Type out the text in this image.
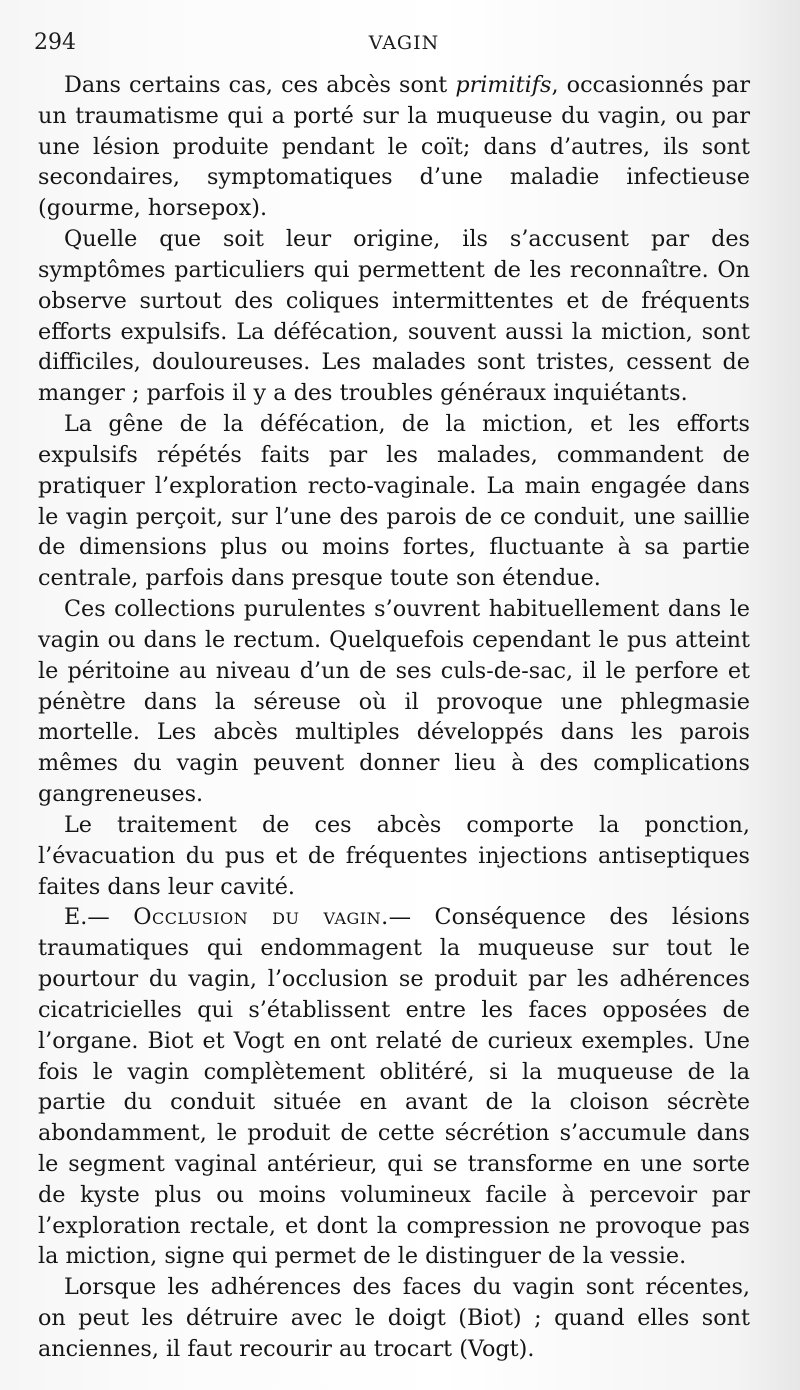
294	VAGIN

Dans certains cas, ces abcès sont primitifs, occasionnés par un traumatisme qui a porté sur la muqueuse du vagin, ou par une lésion produite pendant le coït; dans d’autres, ils sont secondaires, symptomatiques d’une maladie infectieuse (gourme, horsepox).

Quelle que soit leur origine, ils s’accusent par des symptômes particuliers qui permettent de les reconnaître. On observe surtout des coliques intermittentes et de fréquents efforts expulsifs. La défécation, souvent aussi la miction, sont difficiles, douloureuses. Les malades sont tristes, cessent de manger ; parfois il y a des troubles généraux inquiétants.

La gêne de la défécation, de la miction, et les efforts expulsifs répétés faits par les malades, commandent de pratiquer l’exploration recto-vaginale. La main engagée dans le vagin perçoit, sur l’une des parois de ce conduit, une saillie de dimensions plus ou moins fortes, fluctuante à sa partie centrale, parfois dans presque toute son étendue.

Ces collections purulentes s’ouvrent habituellement dans le vagin ou dans le rectum. Quelquefois cependant le pus atteint le péritoine au niveau d’un de ses culs-de-sac, il le perfore et pénètre dans la séreuse où il provoque une phlegmasie mortelle. Les abcès multiples développés dans les parois mêmes du vagin peuvent donner lieu à des complications gangreneuses.

Le traitement de ces abcès comporte la ponction, l’évacuation du pus et de fréquentes injections antiseptiques faites dans leur cavité.

E.— Occlusion du vagin.— Conséquence des lésions traumatiques qui endommagent la muqueuse sur tout le pourtour du vagin, l’occlusion se produit par les adhérences cicatricielles qui s’établissent entre les faces opposées de l’organe. Biot et Vogt en ont relaté de curieux exemples. Une fois le vagin complètement oblitéré, si la muqueuse de la partie du conduit située en avant de la cloison sécrète abondamment, le produit de cette sécrétion s’accumule dans le segment vaginal antérieur, qui se transforme en une sorte de kyste plus ou moins volumineux facile à percevoir par l’exploration rectale, et dont la compression ne provoque pas la miction, signe qui permet de le distinguer de la vessie.

Lorsque les adhérences des faces du vagin sont récentes, on peut les détruire avec le doigt (Biot) ; quand elles sont anciennes, il faut recourir au trocart (Vogt).
